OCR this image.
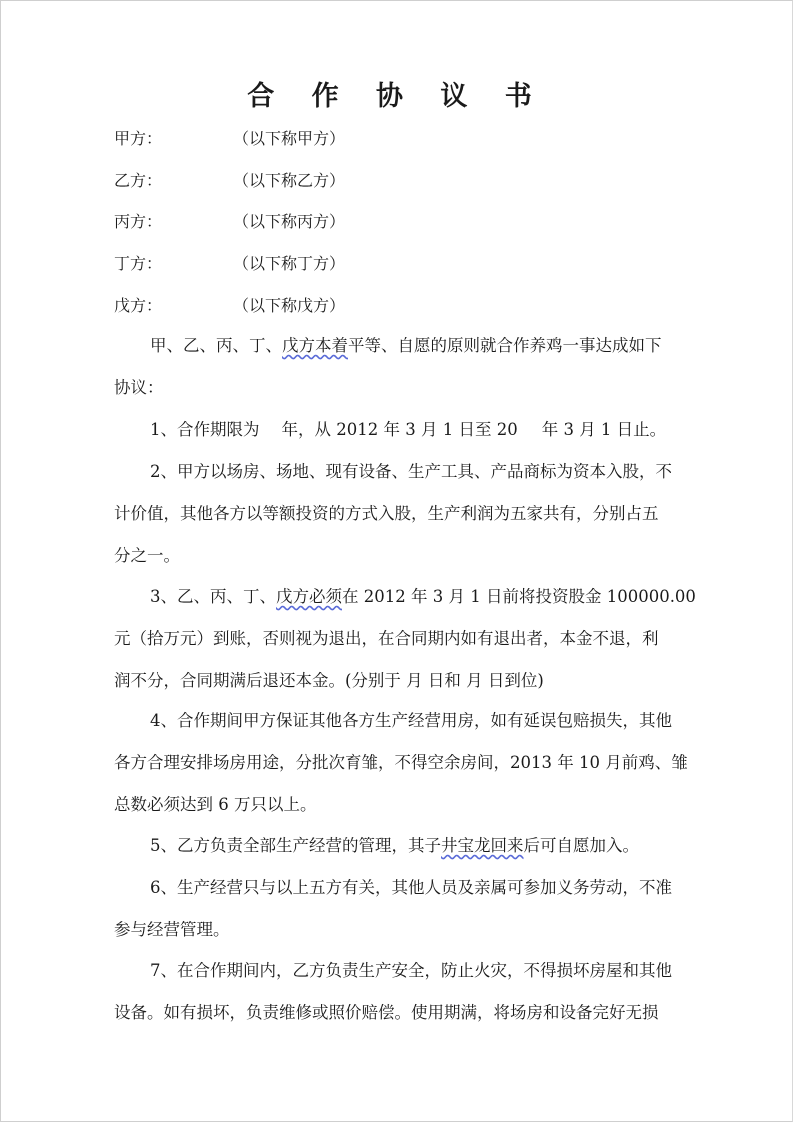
合 作 协 议 书
甲方：	（以下称甲方）
乙方：	（以下称乙方）
丙方：	（以下称丙方）
丁方：	（以下称丁方）
戊方：	（以下称戊方）
甲、乙、丙、丁、戊方本着平等、自愿的原则就合作养鸡一事达成如下
协议：
1、合作期限为 年，从 2012 年 3 月 1 日至 20 年 3 月 1 日止。
2、甲方以场房、场地、现有设备、生产工具、产品商标为资本入股，不
计价值，其他各方以等额投资的方式入股，生产利润为五家共有，分别占五
分之一。
3、乙、丙、丁、戊方必须在 2012 年 3 月 1 日前将投资股金 100000.00
元（拾万元）到账，否则视为退出，在合同期内如有退出者，本金不退，利
润不分，合同期满后退还本金。(分别于 月 日和 月 日到位)
4、合作期间甲方保证其他各方生产经营用房，如有延误包赔损失，其他
各方合理安排场房用途，分批次育雏，不得空余房间，2013 年 10 月前鸡、雏
总数必须达到 6 万只以上。
5、乙方负责全部生产经营的管理，其子井宝龙回来后可自愿加入。
6、生产经营只与以上五方有关，其他人员及亲属可参加义务劳动，不准
参与经营管理。
7、在合作期间内，乙方负责生产安全，防止火灾，不得损坏房屋和其他
设备。如有损坏，负责维修或照价赔偿。使用期满，将场房和设备完好无损
